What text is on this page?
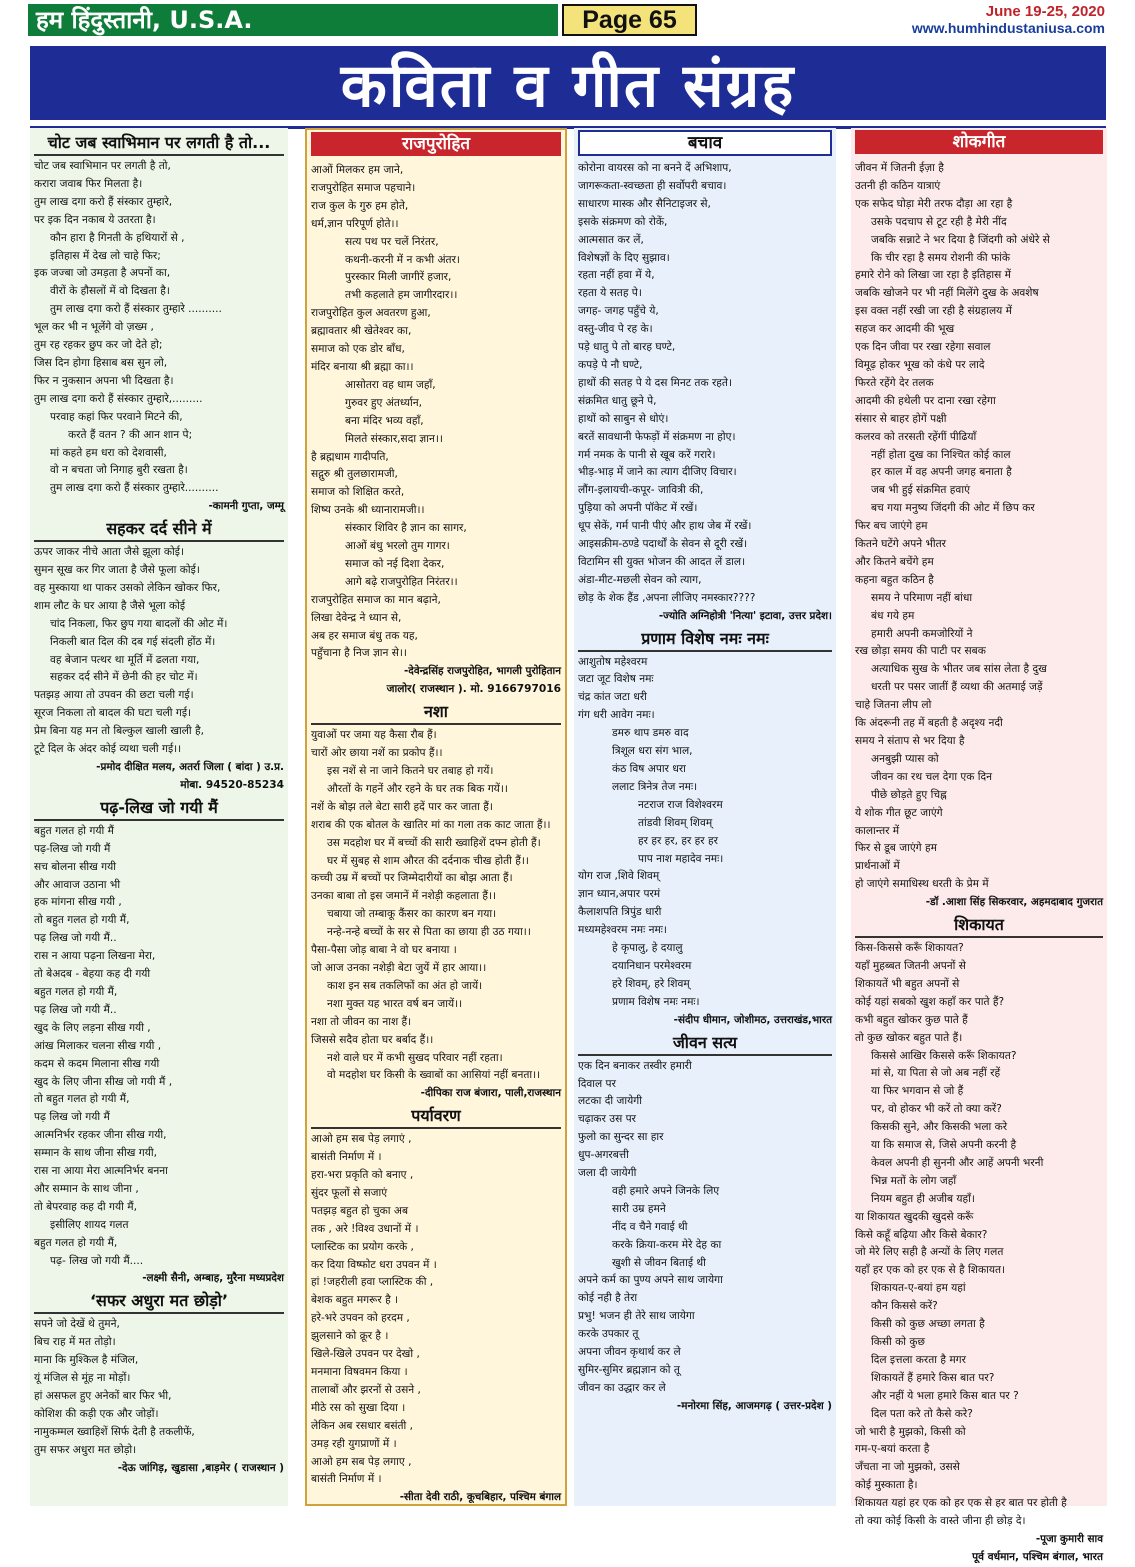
हम हिंदुस्तानी, U.S.A.	Page 65	June 19-25, 2020
www.humhindustaniusa.com
कविता व गीत संग्रह
चोट जब स्वाभिमान पर लगती है तो...
चोट जब स्वाभिमान पर लगती है तो,
करारा जवाब फिर मिलता है।
तुम लाख दगा करो हैं संस्कार तुम्हारे,
पर इक दिन नकाब ये उतरता है।
कौन हारा है गिनती के हथियारों से ,
इतिहास में देख लो चाहे फिर;
इक जज्बा जो उमड़ता है अपनों का,
वीरों के हौसलों में वो दिखता है।
तुम लाख दगा करो हैं संस्कार तुम्हारे ..........
भूल कर भी न भूलेंगे वो ज़ख्म ,
तुम रह रहकर छुप कर जो देते हो;
जिस दिन होगा हिसाब बस सुन लो,
फिर न नुकसान अपना भी दिखता है।
तुम लाख दगा करो हैं संस्कार तुम्हारे,.........
परवाह कहां फिर परवाने मिटने की,
करते हैं वतन ? की आन शान पे;
मां कहते हम धरा को देशवासी,
वो न बचता जो निगाह बुरी रखता है।
तुम लाख दगा करो हैं संस्कार तुम्हारे..........
-कामनी गुप्ता, जम्मू
सहकर दर्द सीने में
ऊपर जाकर नीचे आता जैसे झूला कोई।
सुमन सूख कर गिर जाता है जैसे फूला कोई।
वह मुस्काया था पाकर उसको लेकिन खोकर फिर,
शाम लौट के घर आया है जैसे भूला कोई
चांद निकला, फिर छुप गया बादलों की ओट में।
निकली बात दिल की दब गई संदली होंठ में।
वह बेजान पत्थर था मूर्ति में ढलता गया,
सहकर दर्द सीने में छेनी की हर चोट में।
पतझड़ आया तो उपवन की छटा चली गई।
सूरज निकला तो बादल की घटा चली गई।
प्रेम बिना यह मन तो बिल्कुल खाली खाली है,
टूटे दिल के अंदर कोई व्यथा चली गई।।
-प्रमोद दीक्षित मलय, अतर्रा जिला ( बांदा ) उ.प्र.
मोबा. 94520-85234
पढ़-लिख जो गयी मैं
बहुत गलत हो गयी मैं
पढ़-लिख जो गयी मैं
सच बोलना सीख गयी
और आवाज उठाना भी
हक मांगना सीख गयी ,
तो बहुत गलत हो गयी मैं,
पढ़ लिख जो गयी मैं..
रास न आया पढ़ना लिखना मेरा,
तो बेअदब - बेहया कह दी गयी
बहुत गलत हो गयी मैं,
पढ़ लिख जो गयी मैं..
खुद के लिए लड़ना सीख गयी ,
आंख मिलाकर चलना सीख गयी ,
कदम से कदम मिलाना सीख गयी
खुद के लिए जीना सीख जो गयी मैं ,
तो बहुत गलत हो गयी मैं,
पढ़ लिख जो गयी मैं
आत्मनिर्भर रहकर जीना सीख गयी,
सम्मान के साथ जीना सीख गयी,
रास ना आया मेरा आत्मनिर्भर बनना
और सम्मान के साथ जीना ,
तो बेपरवाह कह दी गयी मैं,
इसीलिए शायद गलत
बहुत गलत हो गयी मैं,
पढ़- लिख जो गयी मैं....
-लक्ष्मी सैनी, अम्बाह, मुरैना मध्यप्रदेश
‘सफर अधुरा मत छोड़ो’
सपने जो देखें थे तुमने,
बिच राह में मत तोड़ो।
माना कि मुश्किल है मंजिल,
यूं मंजिल से मूंह ना मोड़ों।
हां असफल हुए अनेकों बार फिर भी,
कोशिश की कड़ी एक और जोड़ों।
नामुकम्मल ख्वाहिशें सिर्फ देती है तकलीफें,
तुम सफर अधुरा मत छोड़ो।
-देऊ जांगिड़, खुडासा ,बाड़मेर ( राजस्थान )
राजपुरोहित
आओं मिलकर हम जाने,
राजपुरोहित समाज पहचाने।
राज कुल के गुरु हम होते,
धर्म,ज्ञान परिपूर्ण होते।।
सत्य पथ पर चलें निरंतर,
कथनी-करनी में न कभी अंतर।
पुरस्कार मिली जागीरें हजार,
तभी कहलाते हम जागीरदार।।
राजपुरोहित कुल अवतरण हुआ,
ब्रह्मावतार श्री खेतेश्वर का,
समाज को एक डोर बाँध,
मंदिर बनाया श्री ब्रह्मा का।।
आसोतरा वह धाम जहाँ,
गुरुवर हुए अंतर्ध्यान,
बना मंदिर भव्य वहाँ,
मिलते संस्कार,सदा ज्ञान।।
है ब्रह्मधाम गादीपति,
सद्गुरु श्री तुलछारामजी,
समाज को शिक्षित करते,
शिष्य उनके श्री ध्यानारामजी।।
संस्कार शिविर है ज्ञान का सागर,
आओं बंधु भरलो तुम गागर।
समाज को नई दिशा देकर,
आगे बढ़े राजपुरोहित निरंतर।।
राजपुरोहित समाज का मान बढ़ाने,
लिखा देवेन्द्र ने ध्यान से,
अब हर समाज बंधु तक यह,
पहुँचाना है निज ज्ञान से।।
-देवेन्द्रसिंह राजपुरोहित, भागली पुरोहितान
जालोर( राजस्थान ). मो. 9166797016
नशा
युवाओं पर जमा यह कैसा रौब हैं।
चारों ओर छाया नशें का प्रकोप हैं।।
इस नशें से ना जाने कितने घर तबाह हो गयें।
औरतों के गहनें और रहने के घर तक बिक गयें।।
नशें के बोझ तले बेटा सारी हदें पार कर जाता हैं।
शराब की एक बोतल के खातिर मां का गला तक काट जाता हैं।।
उस मदहोश घर में बच्चों की सारी ख्वाहिशें दफ्न होती हैं।
घर में सुबह से शाम औरत की दर्दनाक चीख होती हैं।।
कच्ची उम्र में बच्चों पर जिम्मेदारीयों का बोझ आता हैं।
उनका बाबा तो इस जमानें में नशेड़ी कहलाता हैं।।
चबाया जो तम्बाकू कैंसर का कारण बन गया।
नन्हे-नन्हे बच्चों के सर से पिता का छाया ही उठ गया।।
पैसा-पैसा जोड़ बाबा ने वो घर बनाया ।
जो आज उनका नशेड़ी बेटा जुयें में हार आया।।
काश इन सब तकलिफों का अंत हो जायें।
नशा मुक्त यह भारत वर्ष बन जायें।।
नशा तो जीवन का नाश हैं।
जिससे सदैव होता घर बर्बाद हैं।।
नशे वाले घर में कभी सुखद परिवार नहीं रहता।
वो मदहोश घर किसी के ख्वाबों का आसियां नहीं बनता।।
-दीपिका राज बंजारा, पाली,राजस्थान
पर्यावरण
आओ हम सब पेड़ लगाएं ,
बासंती निर्माण में ।
हरा-भरा प्रकृति को बनाए ,
सुंदर फूलों से सजाएं
पतझड़ बहुत हो चुका अब
तक , अरे !विश्व उधानों में ।
प्लास्टिक का प्रयोग करके ,
कर दिया विष्फोट धरा उपवन में ।
हां !जहरीली हवा प्लास्टिक की ,
बेशक बहुत मगरूर है ।
हरे-भरे उपवन को हरदम ,
झुलसाने को क्रूर है ।
खिले-खिले उपवन पर देखो ,
मनमाना विषवमन किया ।
तालाबों और झरनों से उसने ,
मीठे रस को सुखा दिया ।
लेकिन अब रसधार बसंती ,
उमड़ रही युगप्राणों में ।
आओ हम सब पेड़ लगाए ,
बासंती निर्माण में ।
-सीता देवी राठी, कूचबिहार, पश्चिम बंगाल
बचाव
कोरोना वायरस को ना बनने दें अभिशाप,
जागरूकता-स्वच्छता ही सर्वोपरी बचाव।
साधारण मास्क और सैनिटाइजर से,
इसके संक्रमण को रोकें,
आत्मसात कर लें,
विशेषज्ञों के दिए सुझाव।
रहता नहीं हवा में ये,
रहता ये सतह पे।
जगह- जगह पहुँचे ये,
वस्तु-जीव पे रह के।
पड़े धातु पे तो बारह घण्टे,
कपड़े पे नौ घण्टे,
हाथों की सतह पे ये दस मिनट तक रहते।
संक्रमित धातु छूने पे,
हाथों को साबुन से धोएं।
बरतें सावधानी फेफड़ों में संक्रमण ना होए।
गर्म नमक के पानी से खूब करें गरारे।
भीड़-भाड़ में जाने का त्याग दीजिए विचार।
लौंग-इलायची-कपूर- जावित्री की,
पुड़िया को अपनी पॉकेट में रखें।
धूप सेकें, गर्म पानी पीएं और हाथ जेब में रखें।
आइसक्रीम-ठण्डे पदार्थों के सेवन से दूरी रखें।
विटामिन सी युक्त भोजन की आदत लें डाल।
अंडा-मीट-मछली सेवन को त्याग,
छोड़ के शेक हैंड ,अपना लीजिए नमस्कार????
-ज्योति अग्निहोत्री 'नित्या' इटावा, उत्तर प्रदेश।
प्रणाम विशेष नमः नमः
आशुतोष महेश्वरम
जटा जूट विशेष नमः
चंद्र कांत जटा धरी
गंग धरी आवेग नमः।
डमरु थाप डमरु वाद
त्रिशूल धरा संग भाल,
कंठ विष अपार धरा
ललाट त्रिनेत्र तेज नमः।
नटराज राज विशेश्वरम
तांडवी शिवम् शिवम्
हर हर हर, हर हर हर
पाप नाश महादेव नमः।
योग राज ,शिवे शिवम्
ज्ञान ध्यान,अपार परमं
कैलाशपति त्रिपुंड धारी
मध्यमहेश्वरम नमः नमः।
हे कृपालु, हे दयालु
दयानिधान परमेश्वरम
हरे शिवम्, हरे शिवम्
प्रणाम विशेष नमः नमः।
-संदीप धीमान, जोशीमठ, उत्तराखंड,भारत
जीवन सत्य
एक दिन बनाकर तस्वीर हमारी
दिवाल पर
लटका दी जायेगी
चढ़ाकर उस पर
फुलो का सुन्दर सा हार
धुप-अगरबत्ती
जला दी जायेगी
वही हमारे अपने जिनके लिए
सारी उम्र हमने
नींद व चैने गवाई थी
करके क्रिया-करम मेरे देह का
खुशी से जीवन बिताई थी
अपने कर्म का पुण्य अपने साथ जायेगा
कोई नही है तेरा
प्रभु! भजन ही तेरे साथ जायेगा
करके उपकार तू
अपना जीवन कृथार्थ कर ले
सुमिर-सुमिर ब्रह्मज्ञान को तू
जीवन का उद्धार कर ले
-मनोरमा सिंह, आजमगढ़ ( उत्तर-प्रदेश )
शोकगीत
जीवन में जितनी ईज़ा है
उतनी ही कठिन यात्राएं
एक सफेद घोड़ा मेरी तरफ दौड़ा आ रहा है
उसके पदचाप से टूट रही है मेरी नींद
जबकि सन्नाटे ने भर दिया है जिंदगी को अंधेरे से
कि चीर रहा है समय रोशनी की फांके
हमारे रोने को लिखा जा रहा है इतिहास में
जबकि खोजने पर भी नहीं मिलेंगे दुख के अवशेष
इस वक्त नहीं रखी जा रही है संग्रहालय में
सहज कर आदमी की भूख
एक दिन जीवा पर रखा रहेगा सवाल
विमूढ़ होकर भूख को कंधे पर लादे
फिरते रहेंगे देर तलक
आदमी की हथेली पर दाना रखा रहेगा
संसार से बाहर होगें पक्षी
कलरव को तरसती रहेंगीं पीढियाँ
नहीं होता दुख का निश्चित कोई काल
हर काल में वह अपनी जगह बनाता है
जब भी हुई संक्रमित हवाएं
बच गया मनुष्य जिंदगी की ओट में छिप कर
फिर बच जाएंगे हम
कितने घटेंगे अपने भीतर
और कितने बचेंगे हम
कहना बहुत कठिन है
समय ने परिमाण नहीं बांधा
बंध गये हम
हमारी अपनी कमजोरियों ने
रख छोड़ा समय की पाटी पर सबक
अत्याधिक सुख के भीतर जब सांस लेता है दुख
धरती पर पसर जातीं हैं व्यथा की अतमाई जड़ें
चाहे जितना लीप लो
कि अंदरूनी तह में बहती है अदृश्य नदी
समय ने संताप से भर दिया है
अनबुझी प्यास को
जीवन का रथ चल देगा एक दिन
पीछे छोड़ते हुए चिह्न
ये शोक गीत छूट जाएंगे
कालान्तर में
फिर से डूब जाएंगे हम
प्रार्थनाओं में
हो जाएंगे समाधिस्थ धरती के प्रेम में
-डॉ .आशा सिंह सिकरवार, अहमदाबाद गुजरात
शिकायत
किस-किससे करूँ शिकायत?
यहाँ मुहब्बत जितनी अपनों से
शिकायतें भी बहुत अपनों से
कोई यहां सबको खुश कहाँ कर पाते हैं?
कभी बहुत खोकर कुछ पाते हैं
तो कुछ खोकर बहुत पाते हैं।
किससे आखिर किससे करूँ शिकायत?
मां से, या पिता से जो अब नहीं रहें
या फिर भगवान से जो हैं
पर, वो होकर भी करें तो क्या करें?
किसकी सुने, और किसकी भला करे
या कि समाज से, जिसे अपनी करनी है
केवल अपनी ही सुननी और आहें अपनी भरनी
भिन्न मतों के लोग जहाँ
नियम बहुत ही अजीब यहाँ।
या शिकायत खुदकी खुदसे करूँ
किसे कहूँ बढ़िया और किसे बेकार?
जो मेरे लिए सही है अन्यों के लिए गलत
यहाँ हर एक को हर एक से है शिकायत।
शिकायत-ए-बयां हम यहां
कौन किससे करें?
किसी को कुछ अच्छा लगता है
किसी को कुछ
दिल इत्तला करता है मगर
शिकायतें हैं हमारे किस बात पर?
और नहीं ये भला हमारे किस बात पर ?
दिल पता करे तो कैसे करे?
जो भारी है मुझको, किसी को
गम-ए-बयां करता है
जँचता ना जो मुझको, उससे
कोई मुस्काता है।
शिकायत यहां हर एक को हर एक से हर बात पर होती है
तो क्या कोई किसी के वास्ते जीना ही छोड़ दे।
-पूजा कुमारी साव
पूर्व वर्धमान, पश्चिम बंगाल, भारत
